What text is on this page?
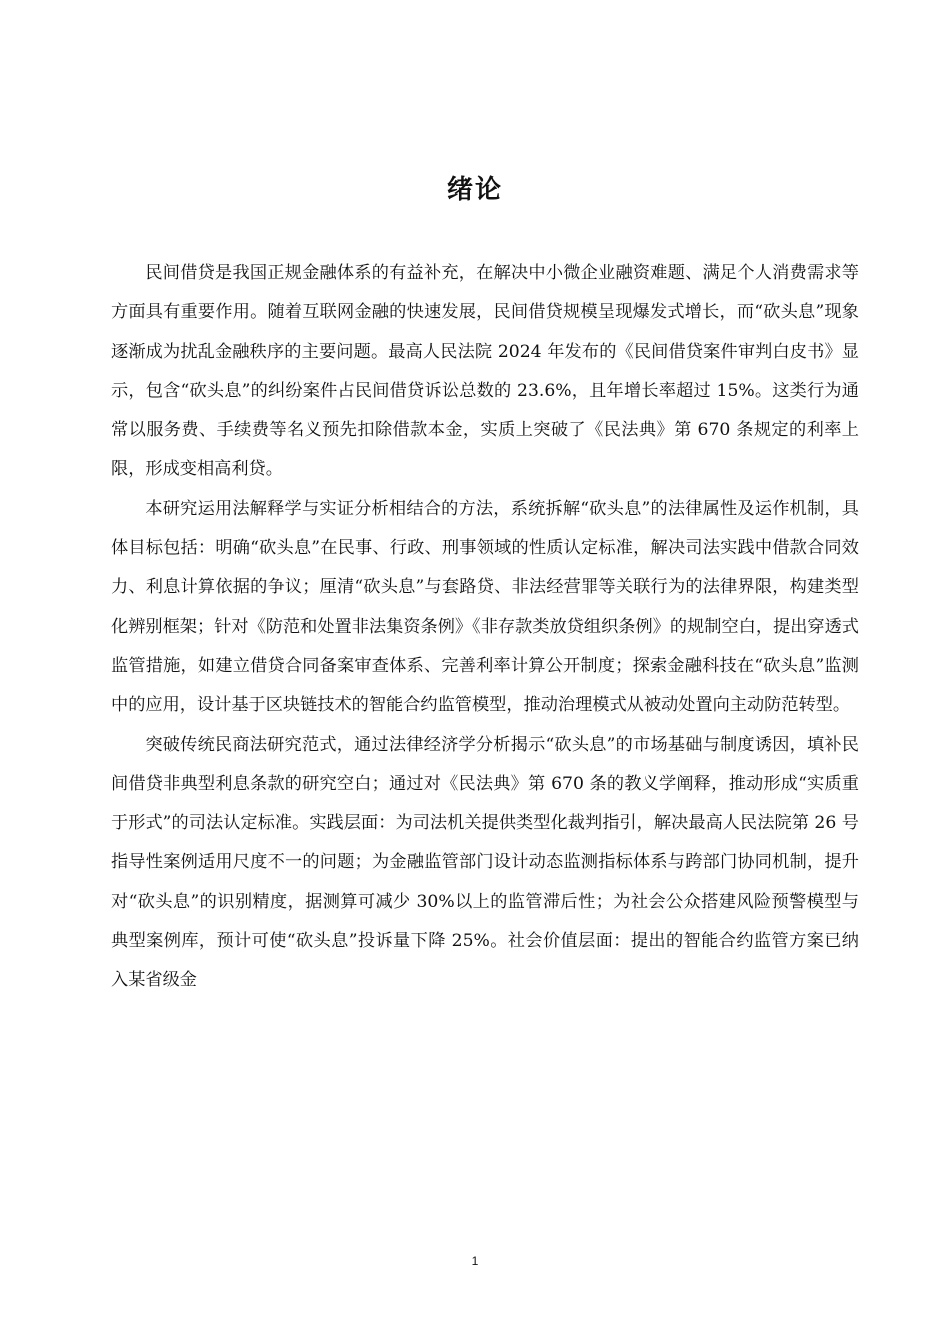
绪论

民间借贷是我国正规金融体系的有益补充，在解决中小微企业融资难题、满足个人消费需求等方面具有重要作用。随着互联网金融的快速发展，民间借贷规模呈现爆发式增长，而“砍头息”现象逐渐成为扰乱金融秩序的主要问题。最高人民法院 2024 年发布的《民间借贷案件审判白皮书》显示，包含“砍头息”的纠纷案件占民间借贷诉讼总数的 23.6%，且年增长率超过 15%。这类行为通常以服务费、手续费等名义预先扣除借款本金，实质上突破了《民法典》第 670 条规定的利率上限，形成变相高利贷。

本研究运用法解释学与实证分析相结合的方法，系统拆解“砍头息”的法律属性及运作机制，具体目标包括：明确“砍头息”在民事、行政、刑事领域的性质认定标准，解决司法实践中借款合同效力、利息计算依据的争议；厘清“砍头息”与套路贷、非法经营罪等关联行为的法律界限，构建类型化辨别框架；针对《防范和处置非法集资条例》《非存款类放贷组织条例》的规制空白，提出穿透式监管措施，如建立借贷合同备案审查体系、完善利率计算公开制度；探索金融科技在“砍头息”监测中的应用，设计基于区块链技术的智能合约监管模型，推动治理模式从被动处置向主动防范转型。

突破传统民商法研究范式，通过法律经济学分析揭示“砍头息”的市场基础与制度诱因，填补民间借贷非典型利息条款的研究空白；通过对《民法典》第 670 条的教义学阐释，推动形成“实质重于形式”的司法认定标准。实践层面：为司法机关提供类型化裁判指引，解决最高人民法院第 26 号指导性案例适用尺度不一的问题；为金融监管部门设计动态监测指标体系与跨部门协同机制，提升对“砍头息”的识别精度，据测算可减少 30%以上的监管滞后性；为社会公众搭建风险预警模型与典型案例库，预计可使“砍头息”投诉量下降 25%。社会价值层面：提出的智能合约监管方案已纳入某省级金

1
